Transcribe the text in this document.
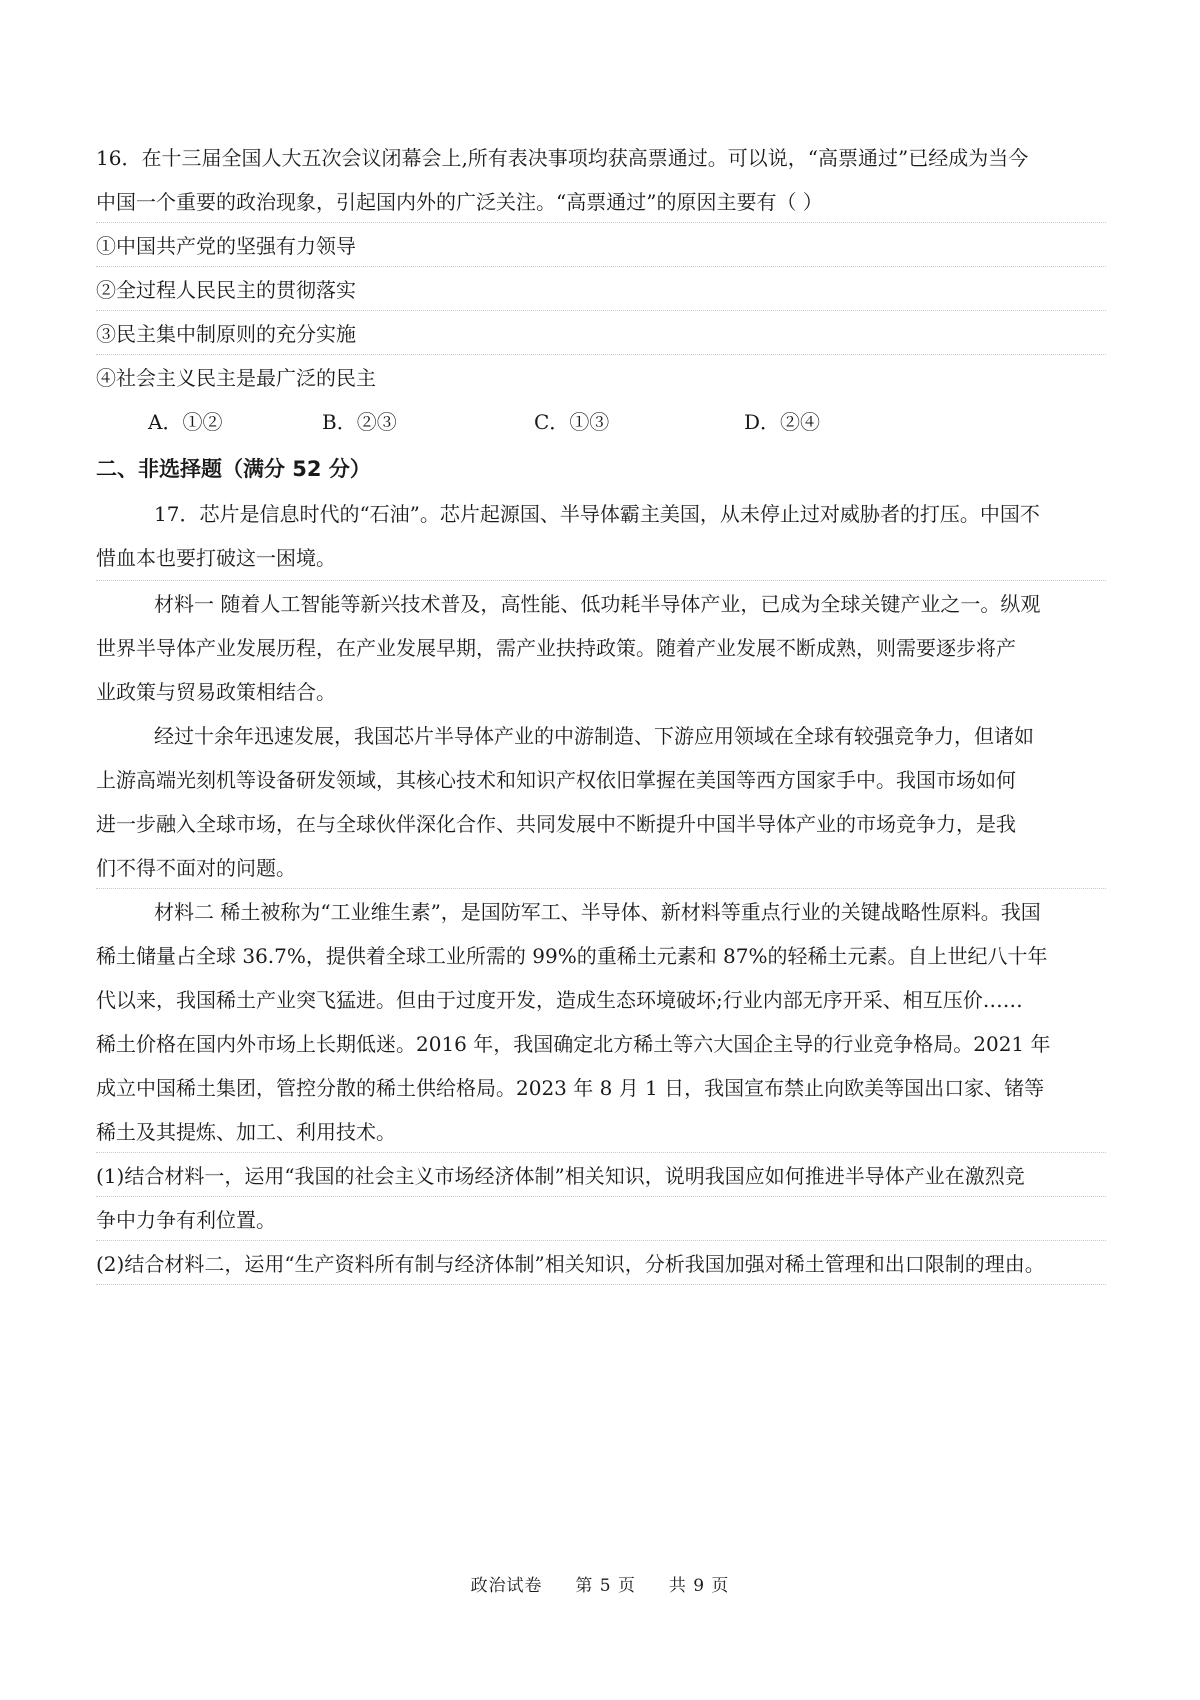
16．在十三届全国人大五次会议闭幕会上,所有表决事项均获高票通过。可以说，“高票通过”已经成为当今
中国一个重要的政治现象，引起国内外的广泛关注。“高票通过”的原因主要有（ ）
①中国共产党的坚强有力领导
②全过程人民民主的贯彻落实
③民主集中制原则的充分实施
④社会主义民主是最广泛的民主
A．①②	B．②③	C．①③	D．②④
二、非选择题（满分 52 分）
17．芯片是信息时代的“石油”。芯片起源国、半导体霸主美国，从未停止过对威胁者的打压。中国不
惜血本也要打破这一困境。
材料一 随着人工智能等新兴技术普及，高性能、低功耗半导体产业，已成为全球关键产业之一。纵观
世界半导体产业发展历程，在产业发展早期，需产业扶持政策。随着产业发展不断成熟，则需要逐步将产
业政策与贸易政策相结合。
经过十余年迅速发展，我国芯片半导体产业的中游制造、下游应用领域在全球有较强竞争力，但诸如
上游高端光刻机等设备研发领域，其核心技术和知识产权依旧掌握在美国等西方国家手中。我国市场如何
进一步融入全球市场，在与全球伙伴深化合作、共同发展中不断提升中国半导体产业的市场竞争力，是我
们不得不面对的问题。
材料二 稀土被称为“工业维生素”，是国防军工、半导体、新材料等重点行业的关键战略性原料。我国
稀土储量占全球 36.7%，提供着全球工业所需的 99%的重稀土元素和 87%的轻稀土元素。自上世纪八十年
代以来，我国稀土产业突飞猛进。但由于过度开发，造成生态环境破坏;行业内部无序开采、相互压价……
稀土价格在国内外市场上长期低迷。2016 年，我国确定北方稀土等六大国企主导的行业竞争格局。2021 年
成立中国稀土集团，管控分散的稀土供给格局。2023 年 8 月 1 日，我国宣布禁止向欧美等国出口家、锗等
稀土及其提炼、加工、利用技术。
(1)结合材料一，运用“我国的社会主义市场经济体制”相关知识，说明我国应如何推进半导体产业在激烈竞
争中力争有利位置。
(2)结合材料二，运用“生产资料所有制与经济体制”相关知识，分析我国加强对稀土管理和出口限制的理由。
政治试卷 第 5 页 共 9 页
